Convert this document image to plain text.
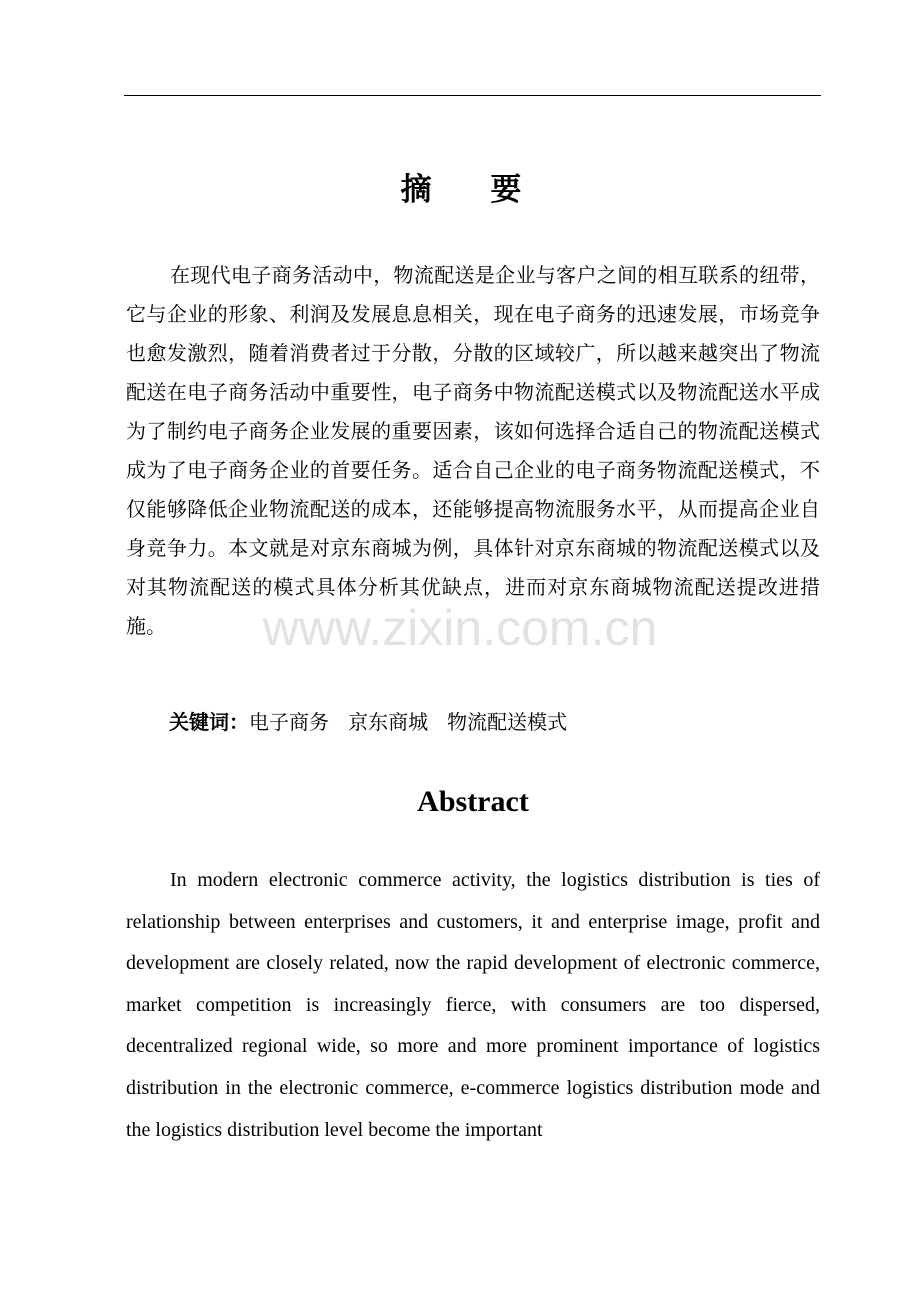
摘 要

在现代电子商务活动中，物流配送是企业与客户之间的相互联系的纽带，它与企业的形象、利润及发展息息相关，现在电子商务的迅速发展，市场竞争也愈发激烈，随着消费者过于分散，分散的区域较广，所以越来越突出了物流配送在电子商务活动中重要性，电子商务中物流配送模式以及物流配送水平成为了制约电子商务企业发展的重要因素，该如何选择合适自己的物流配送模式成为了电子商务企业的首要任务。适合自己企业的电子商务物流配送模式，不仅能够降低企业物流配送的成本，还能够提高物流服务水平，从而提高企业自身竞争力。本文就是对京东商城为例，具体针对京东商城的物流配送模式以及对其物流配送的模式具体分析其优缺点，进而对京东商城物流配送提改进措施。

关键词：电子商务 京东商城 物流配送模式
Abstract

In modern electronic commerce activity, the logistics distribution is ties of relationship between enterprises and customers, it and enterprise image, profit and development are closely related, now the rapid development of electronic commerce, market competition is increasingly fierce, with consumers are too dispersed, decentralized regional wide, so more and more prominent importance of logistics distribution in the electronic commerce, e-commerce logistics distribution mode and the logistics distribution level become the important

www.zixin.com.cn
